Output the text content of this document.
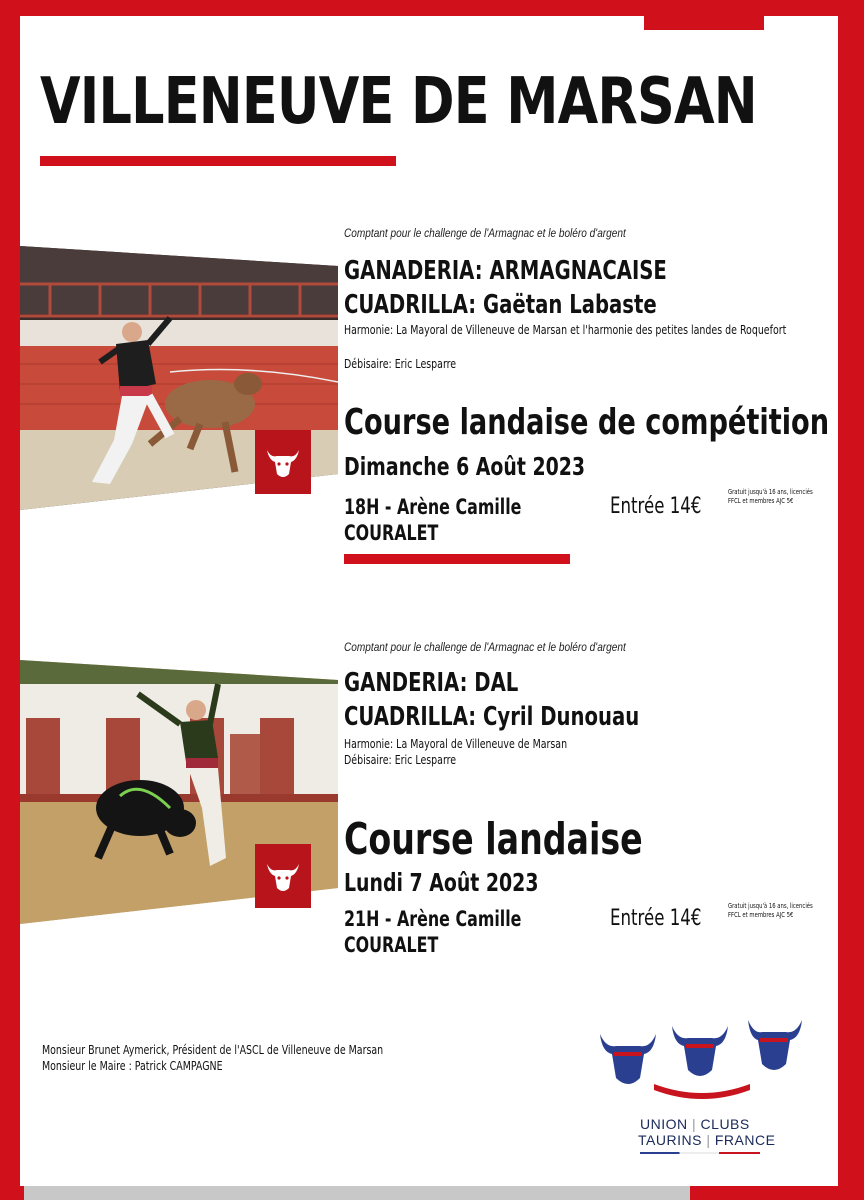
VILLENEUVE DE MARSAN
Comptant pour le challenge de l'Armagnac et le boléro d'argent
GANADERIA: ARMAGNACAISE
CUADRILLA: Gaëtan Labaste
Harmonie: La Mayoral de Villeneuve de Marsan et l'harmonie des petites landes de Roquefort
Débisaire: Eric Lesparre
Course landaise de compétition
Dimanche 6 Août 2023
18H - Arène Camille
COURALET
Entrée 14€
Gratuit jusqu'à 16 ans, licenciés
FFCL et membres AJC 5€
Comptant pour le challenge de l'Armagnac et le boléro d'argent
GANDERIA: DAL
CUADRILLA: Cyril Dunouau
Harmonie: La Mayoral de Villeneuve de Marsan
Débisaire: Eric Lesparre
Course landaise
Lundi 7 Août 2023
21H - Arène Camille
COURALET
Entrée 14€	Gratuit jusqu'à 16 ans, licenciés
FFCL et membres AJC 5€
Monsieur Brunet Aymerick, Président de l'ASCL de Villeneuve de Marsan
Monsieur le Maire : Patrick CAMPAGNE
UNION | CLUBS
TAURINS | FRANCE
